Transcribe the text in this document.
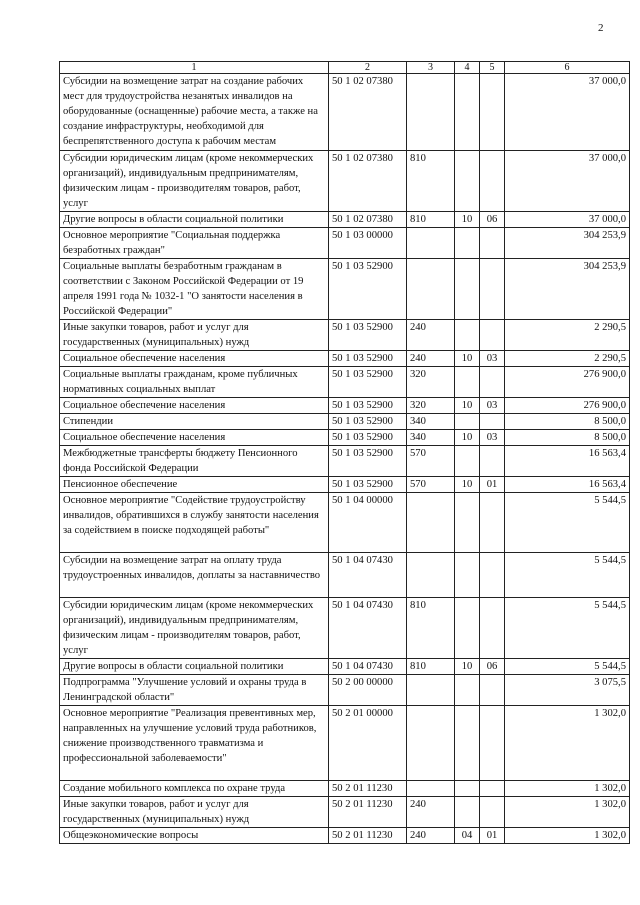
2
1	2	3	4	5	6
Субсидии на возмещение затрат на создание рабочих мест для трудоустройства незанятых инвалидов на оборудованные (оснащенные) рабочие места, а также на создание инфраструктуры, необходимой для беспрепятственного доступа к рабочим местам	50 1 02 07380				37 000,0
Субсидии юридическим лицам (кроме некоммерческих организаций), индивидуальным предпринимателям, физическим лицам - производителям товаров, работ, услуг	50 1 02 07380	810			37 000,0
Другие вопросы в области социальной политики	50 1 02 07380	810	10	06	37 000,0
Основное мероприятие "Социальная поддержка безработных граждан"	50 1 03 00000				304 253,9
Социальные выплаты безработным гражданам в соответствии с Законом Российской Федерации от 19 апреля 1991 года № 1032-1 "О занятости населения в Российской Федерации"	50 1 03 52900				304 253,9
Иные закупки товаров, работ и услуг для государственных (муниципальных) нужд	50 1 03 52900	240			2 290,5
Социальное обеспечение населения	50 1 03 52900	240	10	03	2 290,5
Социальные выплаты гражданам, кроме публичных нормативных социальных выплат	50 1 03 52900	320			276 900,0
Социальное обеспечение населения	50 1 03 52900	320	10	03	276 900,0
Стипендии	50 1 03 52900	340			8 500,0
Социальное обеспечение населения	50 1 03 52900	340	10	03	8 500,0
Межбюджетные трансферты бюджету Пенсионного фонда Российской Федерации	50 1 03 52900	570			16 563,4
Пенсионное обеспечение	50 1 03 52900	570	10	01	16 563,4
Основное мероприятие "Содействие трудоустройству инвалидов, обратившихся в службу занятости населения за содействием в поиске подходящей работы"	50 1 04 00000				5 544,5
Субсидии на возмещение затрат на оплату труда трудоустроенных инвалидов, доплаты за наставничество	50 1 04 07430				5 544,5
Субсидии юридическим лицам (кроме некоммерческих организаций), индивидуальным предпринимателям, физическим лицам - производителям товаров, работ, услуг	50 1 04 07430	810			5 544,5
Другие вопросы в области социальной политики	50 1 04 07430	810	10	06	5 544,5
Подпрограмма "Улучшение условий и охраны труда в Ленинградской области"	50 2 00 00000				3 075,5
Основное мероприятие "Реализация превентивных мер, направленных на улучшение условий труда работников, снижение производственного травматизма и профессиональной заболеваемости"	50 2 01 00000				1 302,0
Создание мобильного комплекса по охране труда	50 2 01 11230				1 302,0
Иные закупки товаров, работ и услуг для государственных (муниципальных) нужд	50 2 01 11230	240			1 302,0
Общеэкономические вопросы	50 2 01 11230	240	04	01	1 302,0
